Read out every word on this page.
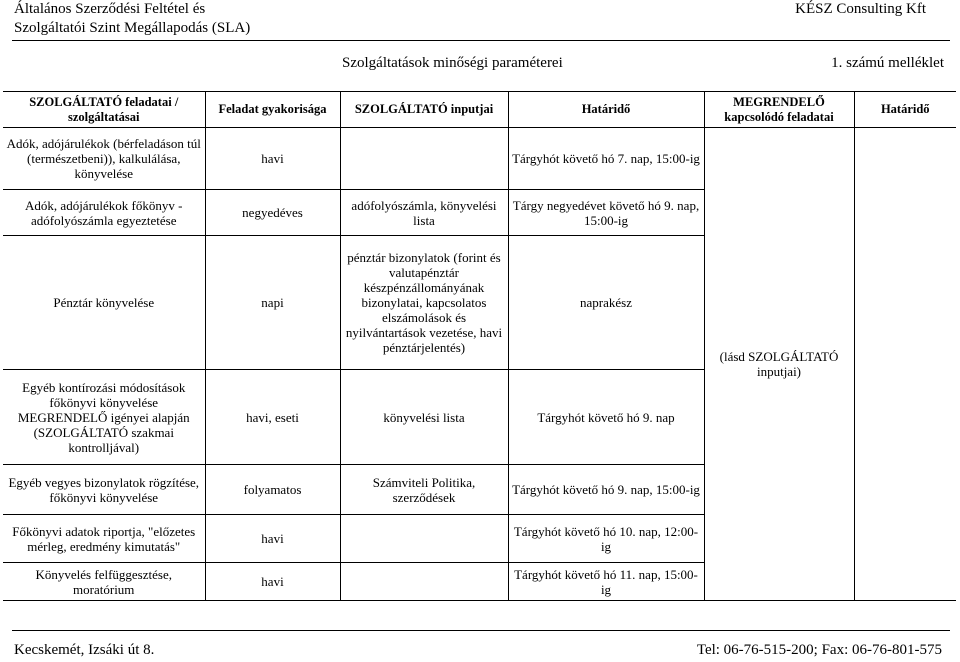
Általános Szerződési Feltétel és
Szolgáltatói Szint Megállapodás (SLA)
KÉSZ Consulting Kft
Szolgáltatások minőségi paraméterei	1. számú melléklet
SZOLGÁLTATÓ feladatai / szolgáltatásai	Feladat gyakorisága	SZOLGÁLTATÓ inputjai	Határidő	MEGRENDELŐ kapcsolódó feladatai	Határidő
Adók, adójárulékok (bérfeladáson túl (természetbeni)), kalkulálása, könyvelése	havi		Tárgyhót követő hó 7. nap, 15:00-ig	(lásd SZOLGÁLTATÓ inputjai)	
Adók, adójárulékok főkönyv - adófolyószámla egyeztetése	negyedéves	adófolyószámla, könyvelési lista	Tárgy negyedévet követő hó 9. nap, 15:00-ig		
Pénztár könyvelése	napi	pénztár bizonylatok (forint és valutapénztár készpénzállományának bizonylatai, kapcsolatos elszámolások és nyilvántartások vezetése, havi pénztárjelentés)	naprakész		
Egyéb kontírozási módosítások főkönyvi könyvelése MEGRENDELŐ igényei alapján (SZOLGÁLTATÓ szakmai kontrolljával)	havi, eseti	könyvelési lista	Tárgyhót követő hó 9. nap		
Egyéb vegyes bizonylatok rögzítése, főkönyvi könyvelése	folyamatos	Számviteli Politika, szerződések	Tárgyhót követő hó 9. nap, 15:00-ig		
Főkönyvi adatok riportja, "előzetes mérleg, eredmény kimutatás"	havi		Tárgyhót követő hó 10. nap, 12:00-ig		
Könyvelés felfüggesztése, moratórium	havi		Tárgyhót követő hó 11. nap, 15:00-ig		
Kecskemét, Izsáki út 8.	Tel: 06-76-515-200; Fax: 06-76-801-575
